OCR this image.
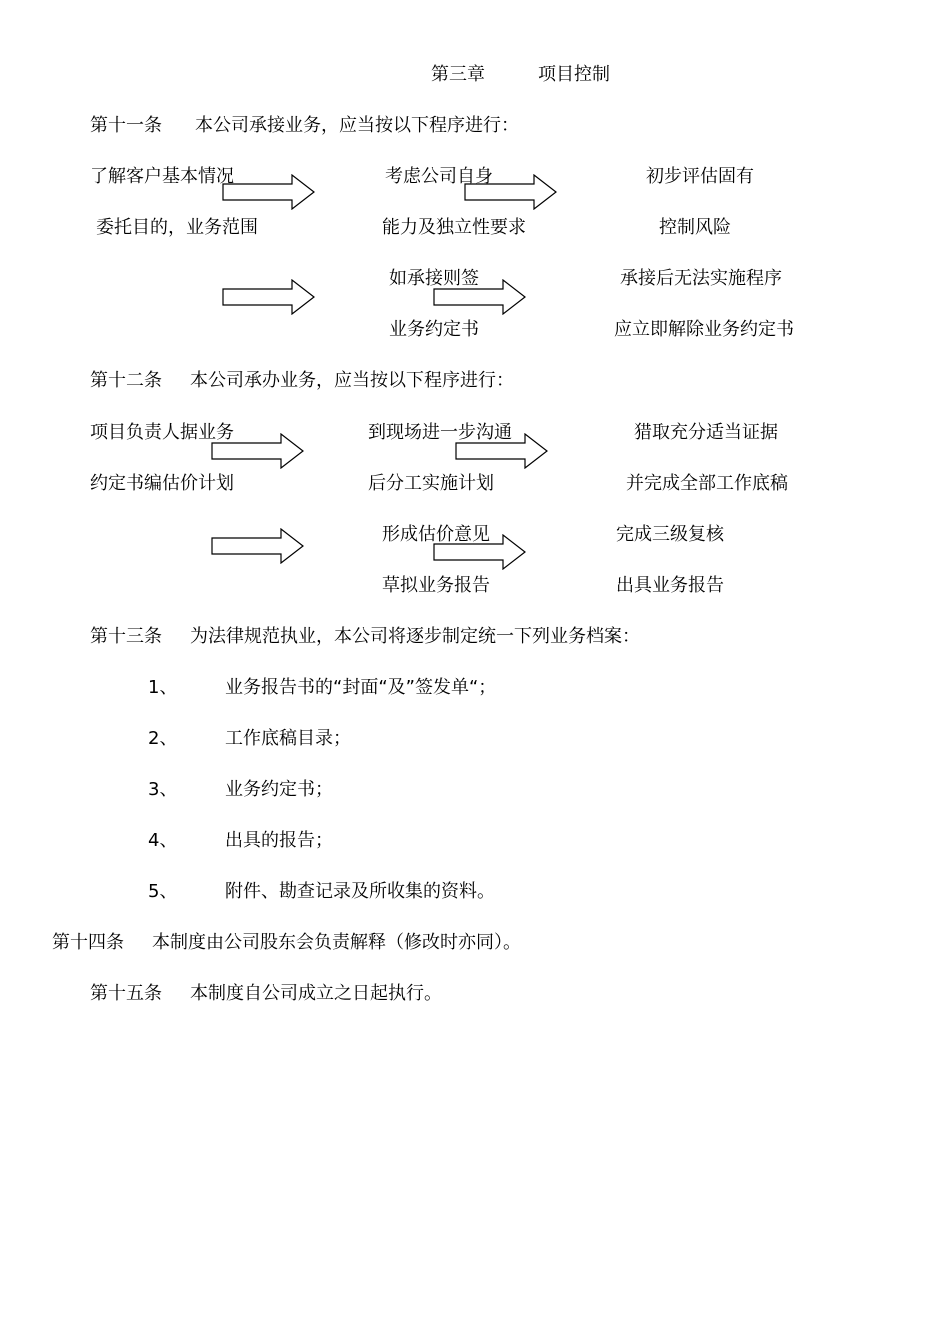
第三章	项目控制
第十一条 本公司承接业务，应当按以下程序进行：
了解客户基本情况
委托目的，业务范围
考虑公司自身
能力及独立性要求
初步评估固有
控制风险
如承接则签
业务约定书
承接后无法实施程序
应立即解除业务约定书
第十二条 本公司承办业务，应当按以下程序进行：
项目负责人据业务
约定书编估价计划
到现场进一步沟通
后分工实施计划
猎取充分适当证据
并完成全部工作底稿
形成估价意见
草拟业务报告
完成三级复核
出具业务报告
第十三条 为法律规范执业，本公司将逐步制定统一下列业务档案：
1、	业务报告书的“封面“及”签发单“；
2、	工作底稿目录；
3、	业务约定书；
4、	出具的报告；
5、	附件、勘查记录及所收集的资料。
第十四条 本制度由公司股东会负责解释（修改时亦同）。
第十五条 本制度自公司成立之日起执行。
